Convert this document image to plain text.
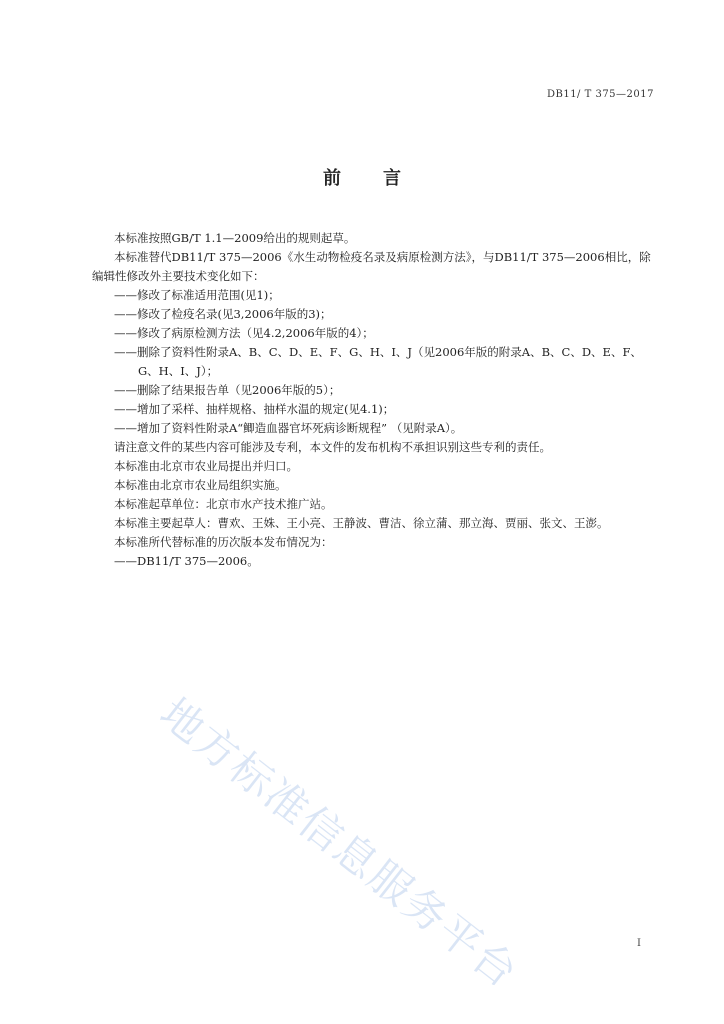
DB11/ T 375—2017
前 言

本标准按照GB/T 1.1—2009给出的规则起草。

本标准替代DB11/T 375—2006《水生动物检疫名录及病原检测方法》，与DB11/T 375—2006相比，除编辑性修改外主要技术变化如下：

——修改了标准适用范围(见1)；

——修改了检疫名录(见3,2006年版的3)；

——修改了病原检测方法（见4.2,2006年版的4）；

——删除了资料性附录A、B、C、D、E、F、G、H、I、J（见2006年版的附录A、B、C、D、E、F、G、H、I、J）；

——删除了结果报告单（见2006年版的5）；

——增加了采样、抽样规格、抽样水温的规定(见4.1)；

——增加了资料性附录A“鲫造血器官坏死病诊断规程” （见附录A）。

请注意文件的某些内容可能涉及专利，本文件的发布机构不承担识别这些专利的责任。

本标准由北京市农业局提出并归口。

本标准由北京市农业局组织实施。

本标准起草单位：北京市水产技术推广站。

本标准主要起草人：曹欢、王姝、王小亮、王静波、曹洁、徐立蒲、那立海、贾丽、张文、王澎。

本标准所代替标准的历次版本发布情况为：

——DB11/T 375—2006。

地方标准信息服务平台	I
